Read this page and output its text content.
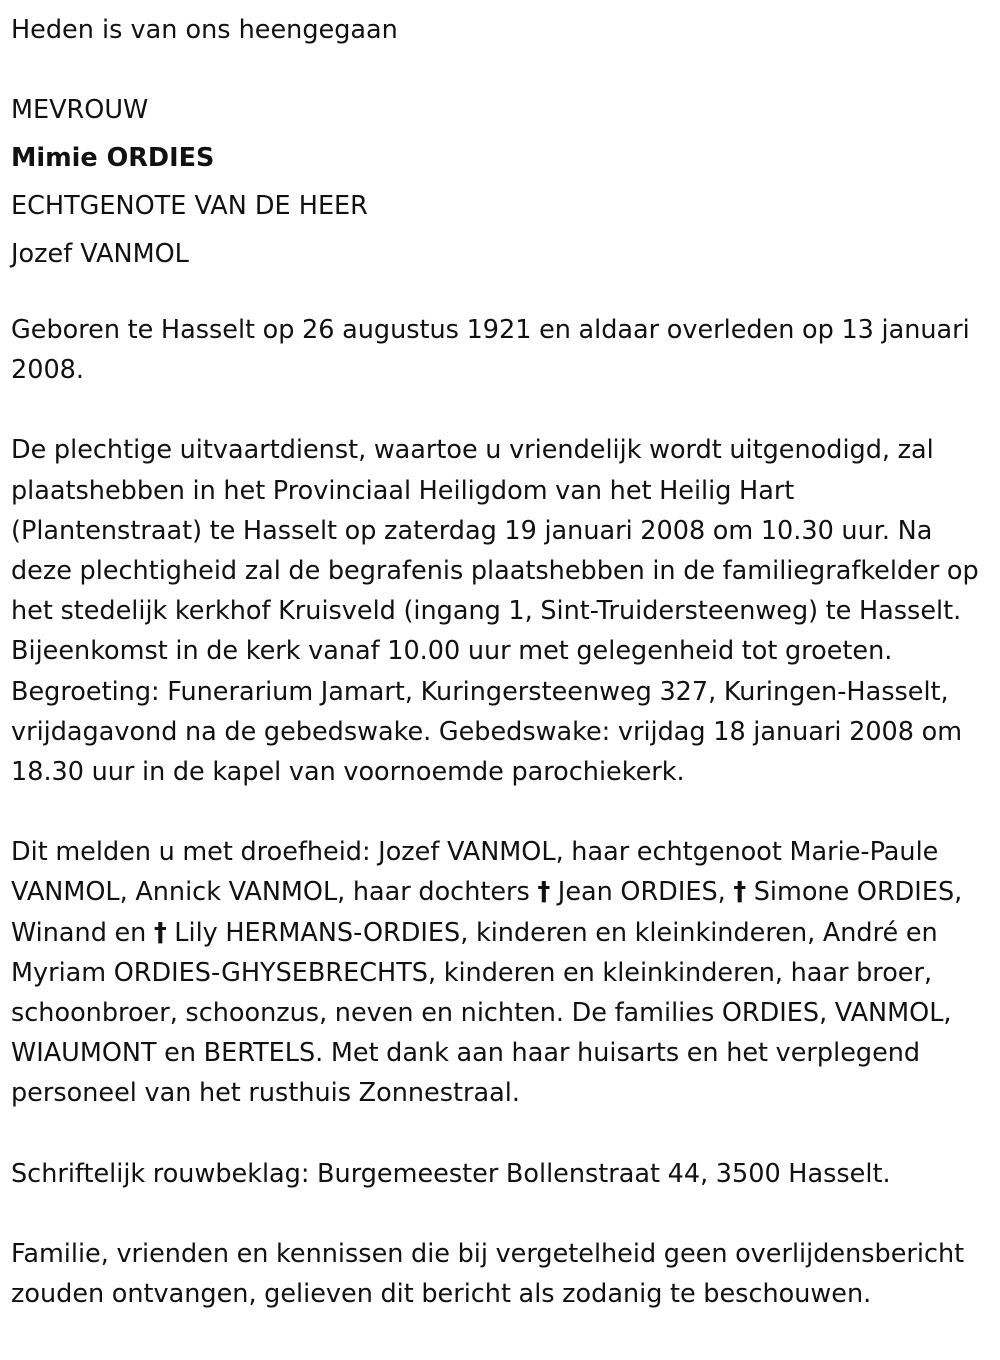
Heden is van ons heengegaan

MEVROUW

Mimie ORDIES

ECHTGENOTE VAN DE HEER

Jozef VANMOL

Geboren te Hasselt op 26 augustus 1921 en aldaar overleden op 13 januari 2008.

De plechtige uitvaartdienst, waartoe u vriendelijk wordt uitgenodigd, zal plaatshebben in het Provinciaal Heiligdom van het Heilig Hart (Plantenstraat) te Hasselt op zaterdag 19 januari 2008 om 10.30 uur. Na deze plechtigheid zal de begrafenis plaatshebben in de familiegrafkelder op het stedelijk kerkhof Kruisveld (ingang 1, Sint-Truidersteenweg) te Hasselt. Bijeenkomst in de kerk vanaf 10.00 uur met gelegenheid tot groeten. Begroeting: Funerarium Jamart, Kuringersteenweg 327, Kuringen-Hasselt, vrijdagavond na de gebedswake. Gebedswake: vrijdag 18 januari 2008 om 18.30 uur in de kapel van voornoemde parochiekerk.

Dit melden u met droefheid: Jozef VANMOL, haar echtgenoot Marie-Paule VANMOL, Annick VANMOL, haar dochters † Jean ORDIES, † Simone ORDIES, Winand en † Lily HERMANS-ORDIES, kinderen en kleinkinderen, André en Myriam ORDIES-GHYSEBRECHTS, kinderen en kleinkinderen, haar broer, schoonbroer, schoonzus, neven en nichten. De families ORDIES, VANMOL, WIAUMONT en BERTELS. Met dank aan haar huisarts en het verplegend personeel van het rusthuis Zonnestraal.

Schriftelijk rouwbeklag: Burgemeester Bollenstraat 44, 3500 Hasselt.

Familie, vrienden en kennissen die bij vergetelheid geen overlijdensbericht zouden ontvangen, gelieven dit bericht als zodanig te beschouwen.
